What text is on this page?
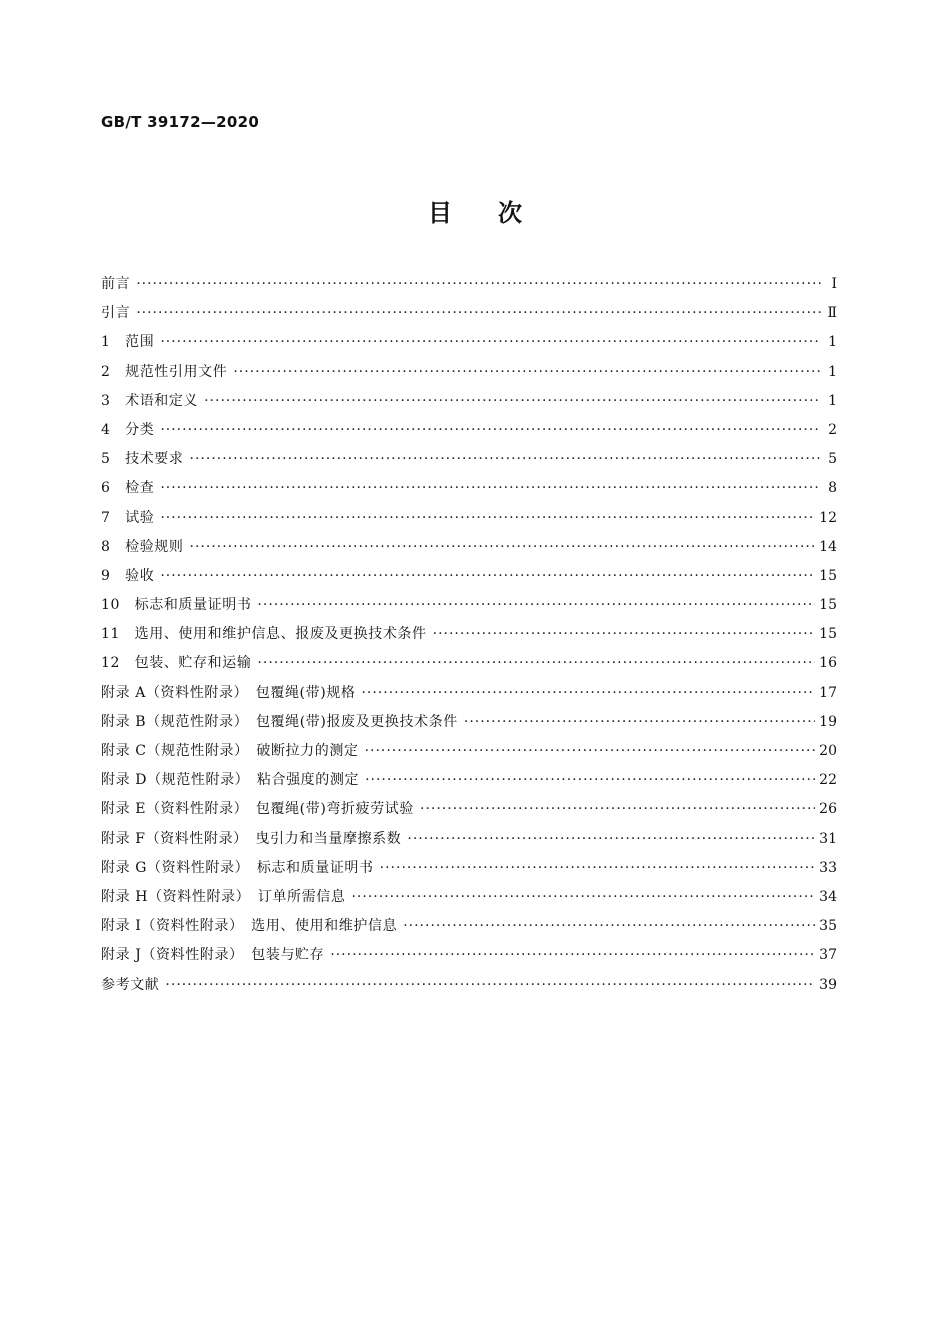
GB/T 39172—2020
目次
前言 ·····	Ⅰ
引言 ·····	Ⅱ
1　范围 ·····	1
2　规范性引用文件 ·····	1
3　术语和定义 ·····	1
4　分类 ·····	2
5　技术要求 ·····	5
6　检查 ·····	8
7　试验 ·····	12
8　检验规则 ·····	14
9　验收 ·····	15
10　标志和质量证明书 ·····	15
11　选用、使用和维护信息、报废及更换技术条件 ·····	15
12　包装、贮存和运输 ·····	16
附录 A（资料性附录）　包覆绳(带)规格 ·····	17
附录 B（规范性附录）　包覆绳(带)报废及更换技术条件 ·····	19
附录 C（规范性附录）　破断拉力的测定 ·····	20
附录 D（规范性附录）　粘合强度的测定 ·····	22
附录 E（资料性附录）　包覆绳(带)弯折疲劳试验 ·····	26
附录 F（资料性附录）　曳引力和当量摩擦系数 ·····	31
附录 G（资料性附录）　标志和质量证明书 ·····	33
附录 H（资料性附录）　订单所需信息 ·····	34
附录 I（资料性附录）　选用、使用和维护信息 ·····	35
附录 J（资料性附录）　包装与贮存 ·····	37
参考文献 ·····	39
